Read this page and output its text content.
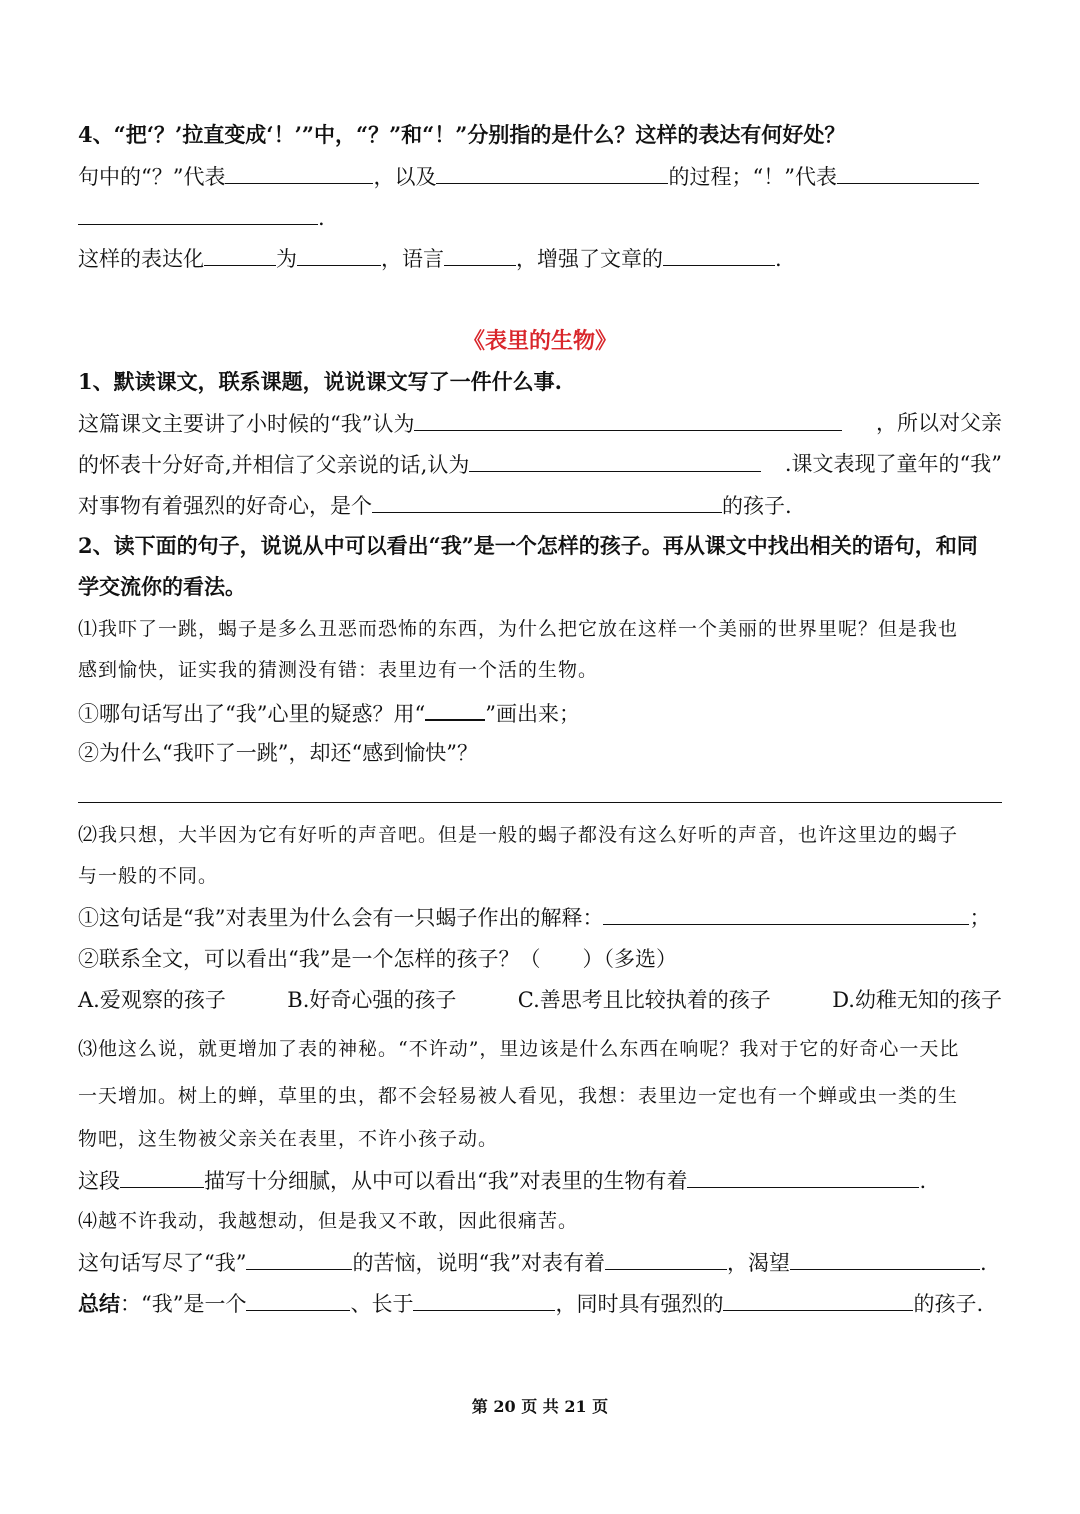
4、“把‘？’拉直变成‘！’”中，“？”和“！”分别指的是什么？这样的表达有何好处？
句中的“？”代表	，以及	的过程；“！”代表
.
这样的表达化	为	，语言	，增强了文章的	.
《表里的生物》
1、默读课文，联系课题，说说课文写了一件什么事.
这篇课文主要讲了小时候的“我”认为	，所以对父亲
的怀表十分好奇,并相信了父亲说的话,认为	.课文表现了童年的“我”
对事物有着强烈的好奇心，是个	的孩子.
2、读下面的句子，说说从中可以看出“我”是一个怎样的孩子。再从课文中找出相关的语句，和同
学交流你的看法。
⑴我吓了一跳，蝎子是多么丑恶而恐怖的东西，为什么把它放在这样一个美丽的世界里呢？但是我也
感到愉快，证实我的猜测没有错：表里边有一个活的生物。
①哪句话写出了“我”心里的疑惑？用“	”画出来；
②为什么“我吓了一跳”，却还“感到愉快”？
⑵我只想，大半因为它有好听的声音吧。但是一般的蝎子都没有这么好听的声音，也许这里边的蝎子
与一般的不同。
①这句话是“我”对表里为什么会有一只蝎子作出的解释：	；
②联系全文，可以看出“我”是一个怎样的孩子？（　　）（多选）
A.爱观察的孩子	B.好奇心强的孩子	C.善思考且比较执着的孩子	D.幼稚无知的孩子
⑶他这么说，就更增加了表的神秘。“不许动”，里边该是什么东西在响呢？我对于它的好奇心一天比
一天增加。树上的蝉，草里的虫，都不会轻易被人看见，我想：表里边一定也有一个蝉或虫一类的生
物吧，这生物被父亲关在表里，不许小孩子动。
这段	描写十分细腻，从中可以看出“我”对表里的生物有着	.
⑷越不许我动，我越想动，但是我又不敢，因此很痛苦。
这句话写尽了“我”	的苦恼，说明“我”对表有着	，渴望	.
总结：“我”是一个	、长于	，同时具有强烈的	的孩子.
第 20 页 共 21 页
